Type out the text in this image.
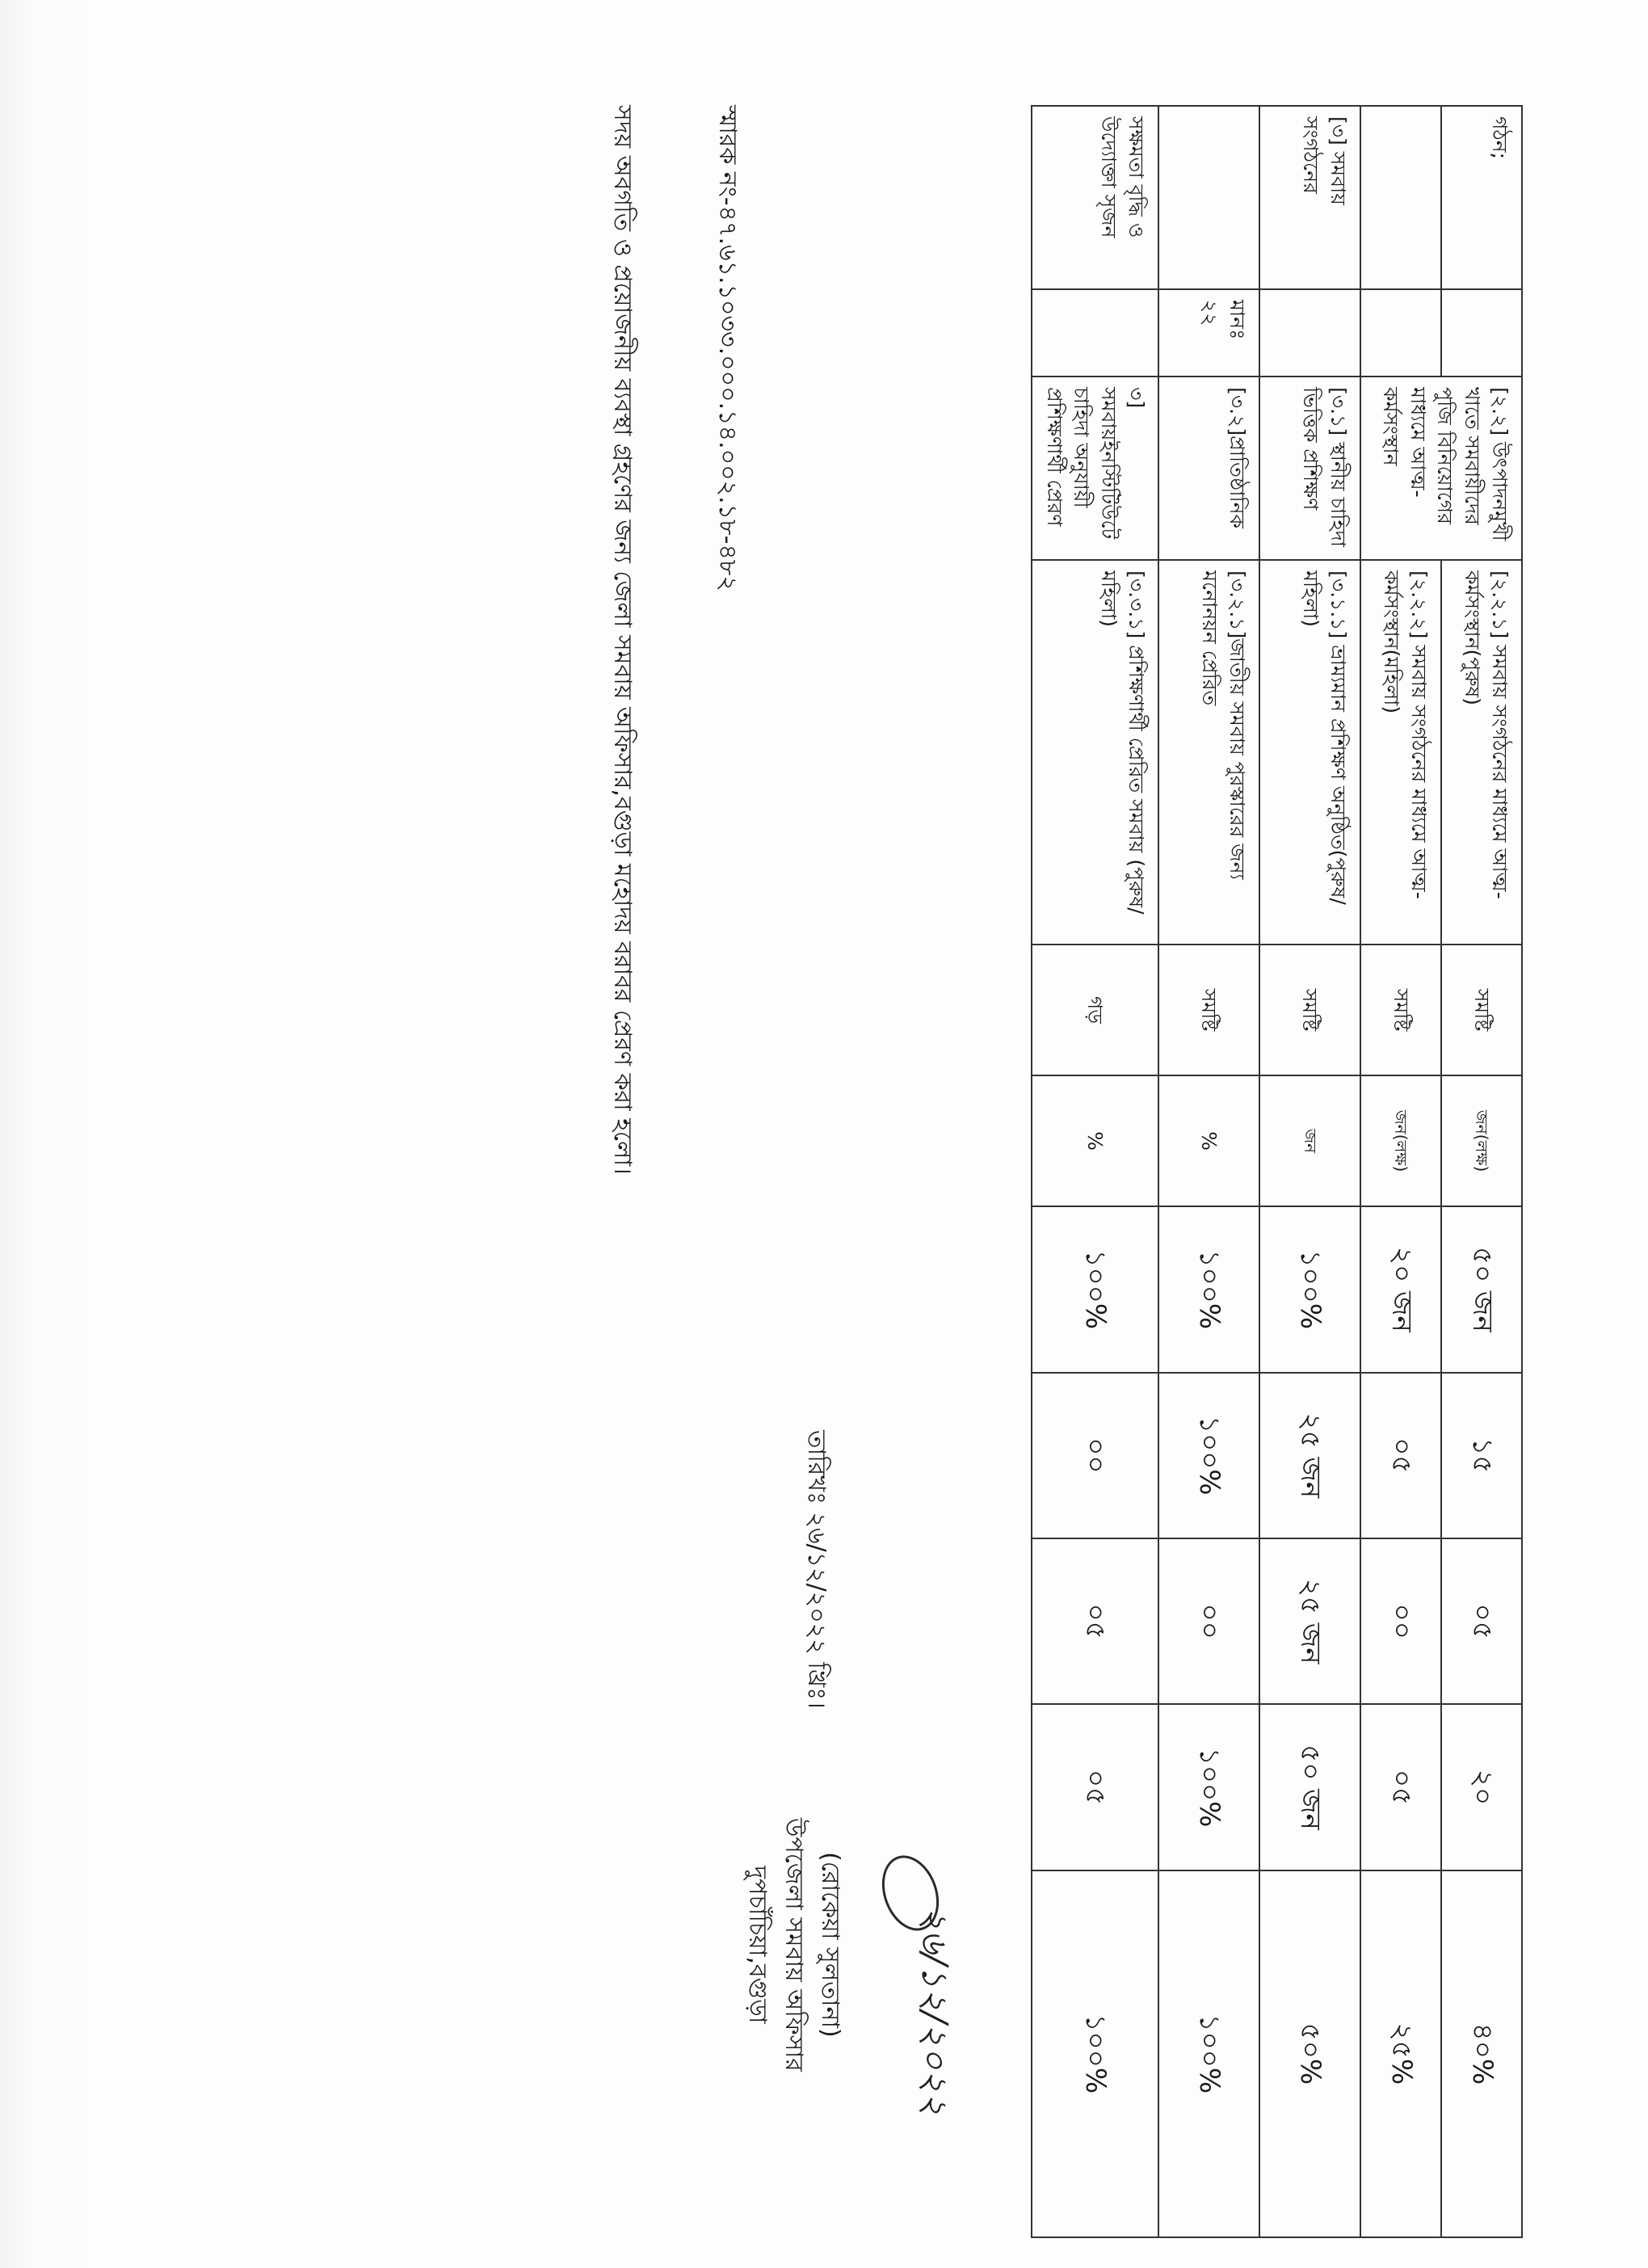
গঠন;		[২.২] উৎপাদনমুখী খাতে সমবায়ীদের পুজি বিনিয়োগের মাধ্যমে আত্ম-কর্মসংস্থান	[২.২.১] সমবায় সংগঠনের মাধ্যমে আত্ম-কর্মসংস্থান(পুরুষ)	সমষ্টি	জন(লক্ষ)	৫০ জন	১৫	০৫	২০	৪০%
			[২.২.২] সমবায় সংগঠনের মাধ্যমে আত্ম-কর্মসংস্থান(মহিলা)	সমষ্টি	জন(লক্ষ)	২০ জন	০৫	০০	০৫	২৫%
[৩] সমবায় সংগঠনের		[৩.১] স্থানীয় চাহিদা ভিত্তিক প্রশিক্ষণ	[৩.১.১] ভ্রাম্যমান প্রশিক্ষণ অনুষ্ঠিত(পুরুষ/মহিলা)	সমষ্টি	জন	১০০%	২৫ জন	২৫ জন	৫০ জন	৫০%
	মানঃ ২২	[৩.২]প্রাতিষ্ঠানিক	[৩.২.১]জাতীয় সমবায় পুরস্কারের জন্য মনোনয়ন প্রেরিত	সমষ্টি	%	১০০%	১০০%	০০	১০০%	১০০%
সক্ষমতা বৃদ্ধি ও উদ্যোক্তা সৃজন		৩] সমবায়ইনস্টিটিউটে চাহিদা অনুযায়ী প্রশিক্ষণার্থী প্রেরণ	[৩.৩.১] প্রশিক্ষণার্থী প্রেরিত সমবায় (পুরুষ/মহিলা)	গড়	%	১০০%	০০	০৫	০৫	১০০%
স্মারক নং-৪৭.৬১.১০৩৩.০০০.১৪.০০২.১৮-৪৮২
তারিখঃ ২৬/১২/২০২২ খ্রিঃ।
সদয় অবগতি ও প্রয়োজনীয় ব্যবস্থা গ্রহণের জন্য জেলা সমবায় অফিসার,বগুড়া মহোদয় বরাবর প্রেরণ করা হলো।
২৬/১২/২০২২
(রোকেয়া সুলতানা)
উপজেলা সমবায় অফিসার
দুপচাঁচিয়া,বগুড়া
